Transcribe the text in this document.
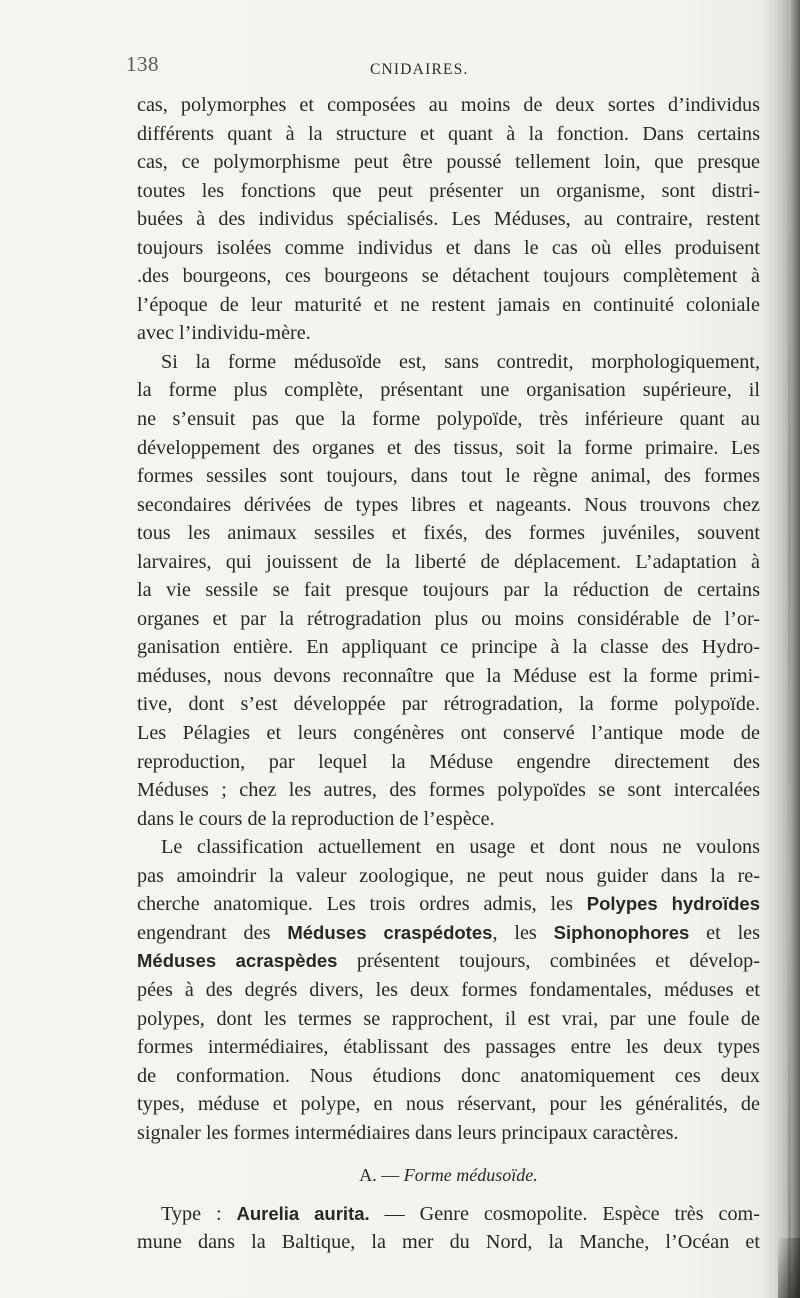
138	CNIDAIRES.
cas, polymorphes et composées au moins de deux sortes d’individus
différents quant à la structure et quant à la fonction. Dans certains
cas, ce polymorphisme peut être poussé tellement loin, que presque
toutes les fonctions que peut présenter un organisme, sont distri-
buées à des individus spécialisés. Les Méduses, au contraire, restent
toujours isolées comme individus et dans le cas où elles produisent
.des bourgeons, ces bourgeons se détachent toujours complètement à
l’époque de leur maturité et ne restent jamais en continuité coloniale
avec l’individu-mère.
Si la forme médusoïde est, sans contredit, morphologiquement,
la forme plus complète, présentant une organisation supérieure, il
ne s’ensuit pas que la forme polypoïde, très inférieure quant au
développement des organes et des tissus, soit la forme primaire. Les
formes sessiles sont toujours, dans tout le règne animal, des formes
secondaires dérivées de types libres et nageants. Nous trouvons chez
tous les animaux sessiles et fixés, des formes juvéniles, souvent
larvaires, qui jouissent de la liberté de déplacement. L’adaptation à
la vie sessile se fait presque toujours par la réduction de certains
organes et par la rétrogradation plus ou moins considérable de l’or-
ganisation entière. En appliquant ce principe à la classe des Hydro-
méduses, nous devons reconnaître que la Méduse est la forme primi-
tive, dont s’est développée par rétrogradation, la forme polypoïde.
Les Pélagies et leurs congénères ont conservé l’antique mode de
reproduction, par lequel la Méduse engendre directement des
Méduses ; chez les autres, des formes polypoïdes se sont intercalées
dans le cours de la reproduction de l’espèce.
Le classification actuellement en usage et dont nous ne voulons
pas amoindrir la valeur zoologique, ne peut nous guider dans la re-
cherche anatomique. Les trois ordres admis, les Polypes hydroïdes
engendrant des Méduses craspédotes, les Siphonophores et les
Méduses acraspèdes présentent toujours, combinées et dévelop-
pées à des degrés divers, les deux formes fondamentales, méduses et
polypes, dont les termes se rapprochent, il est vrai, par une foule de
formes intermédiaires, établissant des passages entre les deux types
de conformation. Nous étudions donc anatomiquement ces deux
types, méduse et polype, en nous réservant, pour les généralités, de
signaler les formes intermédiaires dans leurs principaux caractères.
A. — Forme médusoïde.
Type : Aurelia aurita. — Genre cosmopolite. Espèce très com-
mune dans la Baltique, la mer du Nord, la Manche, l’Océan et
